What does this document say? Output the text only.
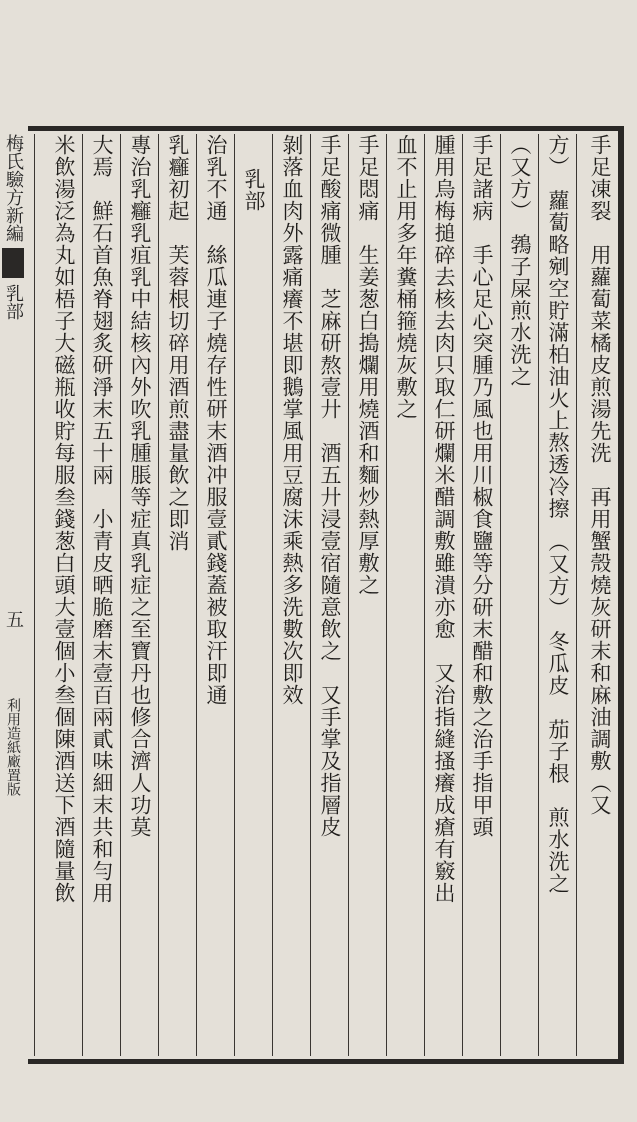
梅氏驗方新編乳部五利用造紙廠置版	手足凍裂　用蘿蔔菜橘皮煎湯先洗　再用蟹殼燒灰研末和麻油調敷（又
方）　蘿蔔略剜空貯滿柏油火上熬透冷擦　（又方）　冬瓜皮　茄子根　煎水洗之
（又方）　鵓子屎煎水洗之
手足諸病　手心足心突腫乃風也用川椒食鹽等分研末醋和敷之治手指甲頭
腫用烏梅搥碎去核去肉只取仁研爛米醋調敷雖潰亦愈　又治指縫搔癢成瘡有竅出
血不止用多年糞桶箍燒灰敷之
手足悶痛　生姜葱白搗爛用燒酒和麵炒熱厚敷之
手足酸痛微腫　芝麻研熬壹廾　酒五廾浸壹宿隨意飲之　又手掌及指層皮
剝落血肉外露痛癢不堪即鵝掌風用豆腐沫乘熱多洗數次即效
乳部
治乳不通　絲瓜連子燒存性研末酒冲服壹貳錢蓋被取汗即通
乳癰初起　芙蓉根切碎用酒煎盡量飲之即消
專治乳癰乳疽乳中結核內外吹乳腫脹等症真乳症之至寶丹也修合濟人功莫
大焉　鮮石首魚脊翅炙研淨末五十兩　小青皮晒脆磨末壹百兩貳味細末共和勻用
米飲湯泛為丸如梧子大磁瓶收貯每服叁錢葱白頭大壹個小叁個陳酒送下酒隨量飲
